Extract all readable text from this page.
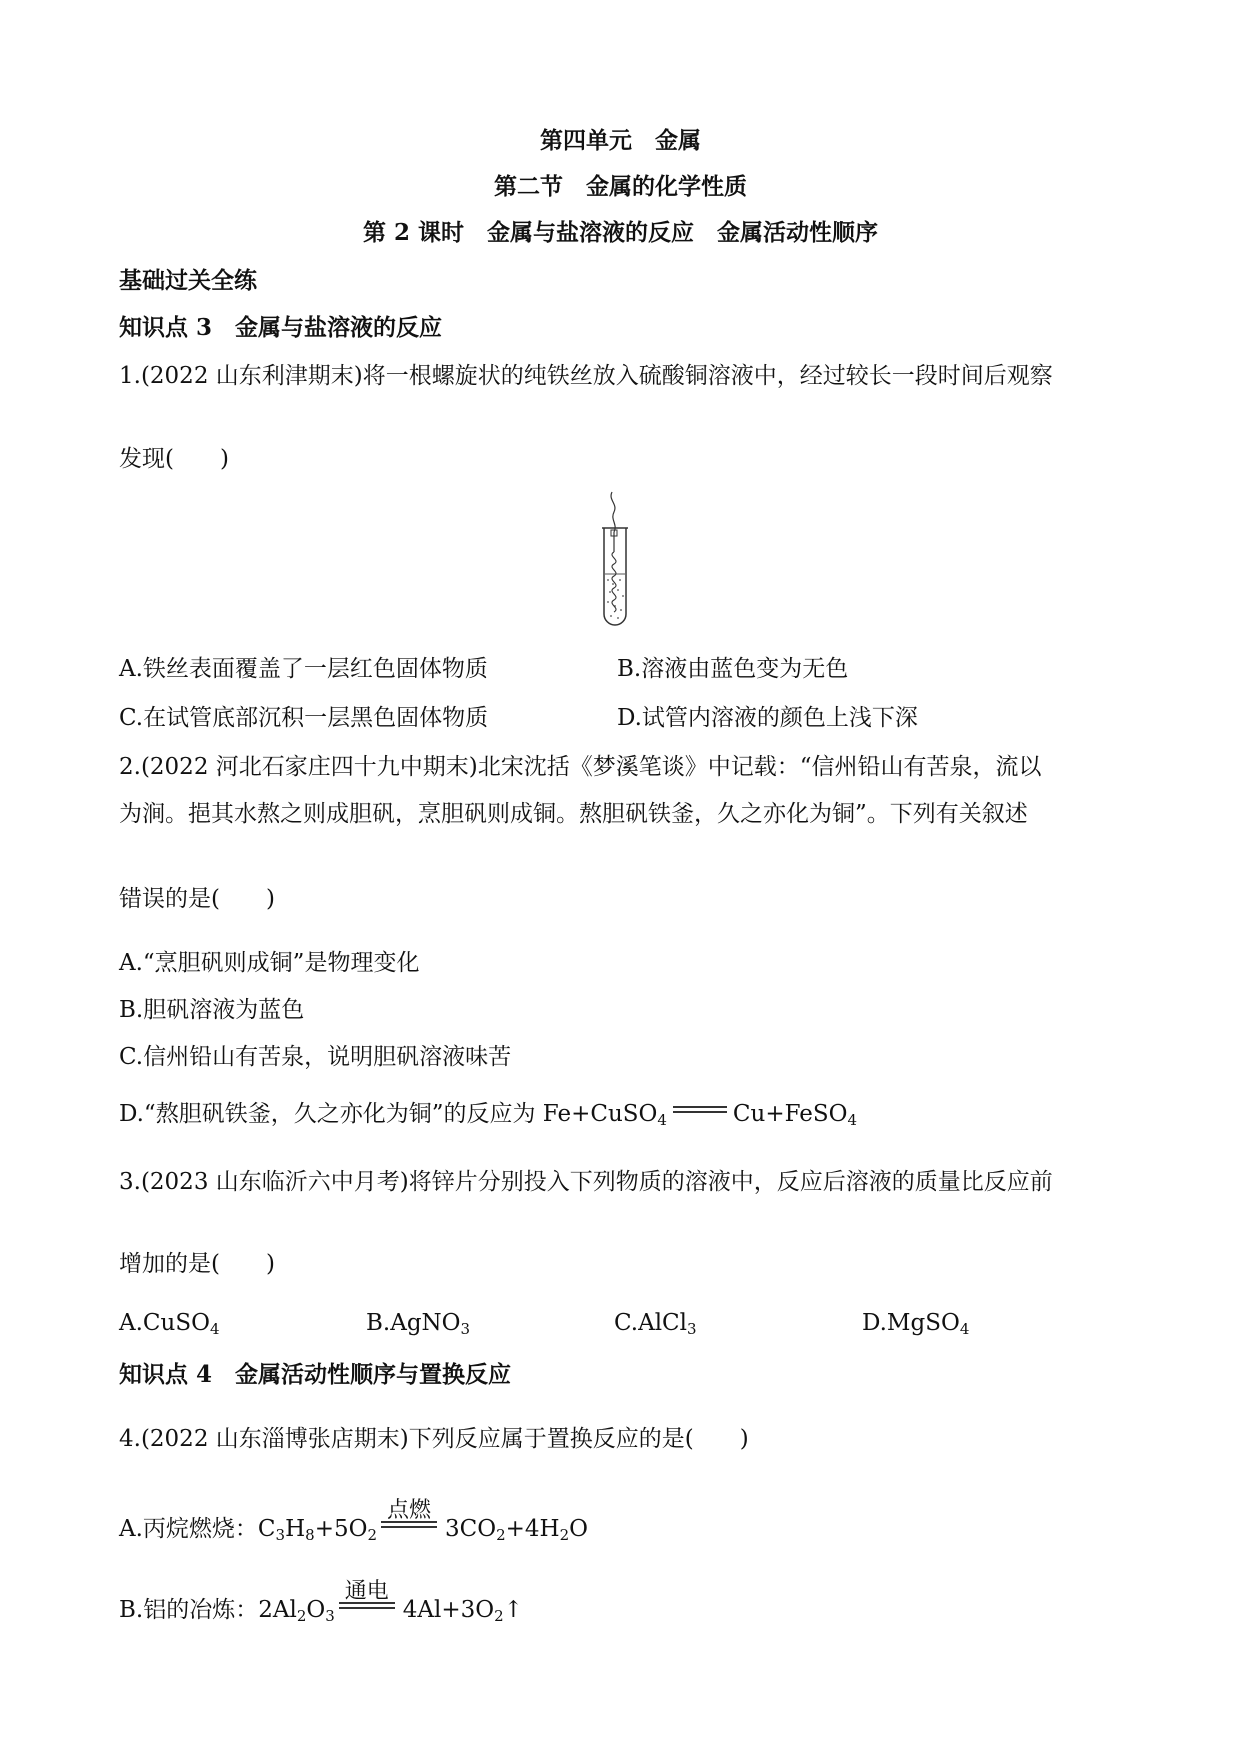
第四单元　金属
第二节　金属的化学性质
第 2 课时　金属与盐溶液的反应　金属活动性顺序
基础过关全练
知识点 3　金属与盐溶液的反应
1.(2022 山东利津期末)将一根螺旋状的纯铁丝放入硫酸铜溶液中，经过较长一段时间后观察
发现(　　)
A.铁丝表面覆盖了一层红色固体物质	B.溶液由蓝色变为无色
C.在试管底部沉积一层黑色固体物质	D.试管内溶液的颜色上浅下深
2.(2022 河北石家庄四十九中期末)北宋沈括《梦溪笔谈》中记载：“信州铅山有苦泉，流以
为涧。挹其水熬之则成胆矾，烹胆矾则成铜。熬胆矾铁釜，久之亦化为铜”。下列有关叙述
错误的是(　　)
A.“烹胆矾则成铜”是物理变化
B.胆矾溶液为蓝色
C.信州铅山有苦泉，说明胆矾溶液味苦
D.“熬胆矾铁釜，久之亦化为铜”的反应为 Fe+CuSO$_4$	Cu+FeSO$_4$
3.(2023 山东临沂六中月考)将锌片分别投入下列物质的溶液中，反应后溶液的质量比反应前
增加的是(　　)
A.CuSO$_4$	B.AgNO$_3$	C.AlCl$_3$	D.MgSO$_4$
知识点 4　金属活动性顺序与置换反应
4.(2022 山东淄博张店期末)下列反应属于置换反应的是(　　)
A.丙烷燃烧：$C_3H_8+5O_2$
点燃
$3CO_2+4H_2O$
B.铝的冶炼：$2Al_2O_3$
通电
$4Al+3O_2↑$
